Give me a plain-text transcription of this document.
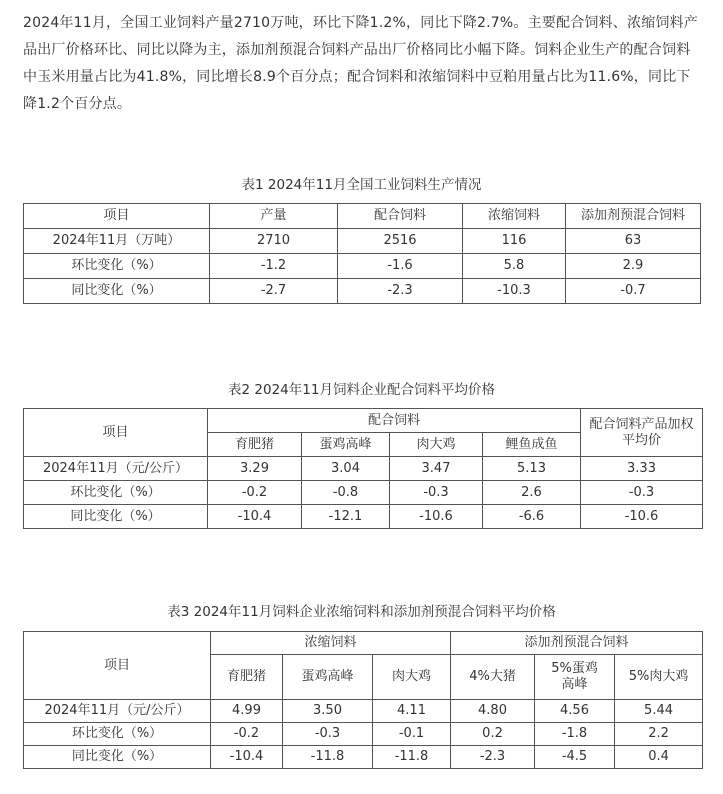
2024年11月，全国工业饲料产量2710万吨，环比下降1.2%，同比下降2.7%。主要配合饲料、浓缩饲料产品出厂价格环比、同比以降为主，添加剂预混合饲料产品出厂价格同比小幅下降。饲料企业生产的配合饲料中玉米用量占比为41.8%，同比增长8.9个百分点；配合饲料和浓缩饲料中豆粕用量占比为11.6%，同比下降1.2个百分点。

表1 2024年11月全国工业饲料生产情况
项目	产量	配合饲料	浓缩饲料	添加剂预混合饲料
2024年11月（万吨）	2710	2516	116	63
环比变化（%）	-1.2	-1.6	5.8	2.9
同比变化（%）	-2.7	-2.3	-10.3	-0.7
表2 2024年11月饲料企业配合饲料平均价格
项目	配合饲料				配合饲料产品加权平均价
	育肥猪	蛋鸡高峰	肉大鸡	鲤鱼成鱼	
2024年11月（元/公斤）	3.29	3.04	3.47	5.13	3.33
环比变化（%）	-0.2	-0.8	-0.3	2.6	-0.3
同比变化（%）	-10.4	-12.1	-10.6	-6.6	-10.6
表3 2024年11月饲料企业浓缩饲料和添加剂预混合饲料平均价格
项目	浓缩饲料			添加剂预混合饲料		
	育肥猪	蛋鸡高峰	肉大鸡	4%大猪	5%蛋鸡高峰	5%肉大鸡
2024年11月（元/公斤）	4.99	3.50	4.11	4.80	4.56	5.44
环比变化（%）	-0.2	-0.3	-0.1	0.2	-1.8	2.2
同比变化（%）	-10.4	-11.8	-11.8	-2.3	-4.5	0.4
